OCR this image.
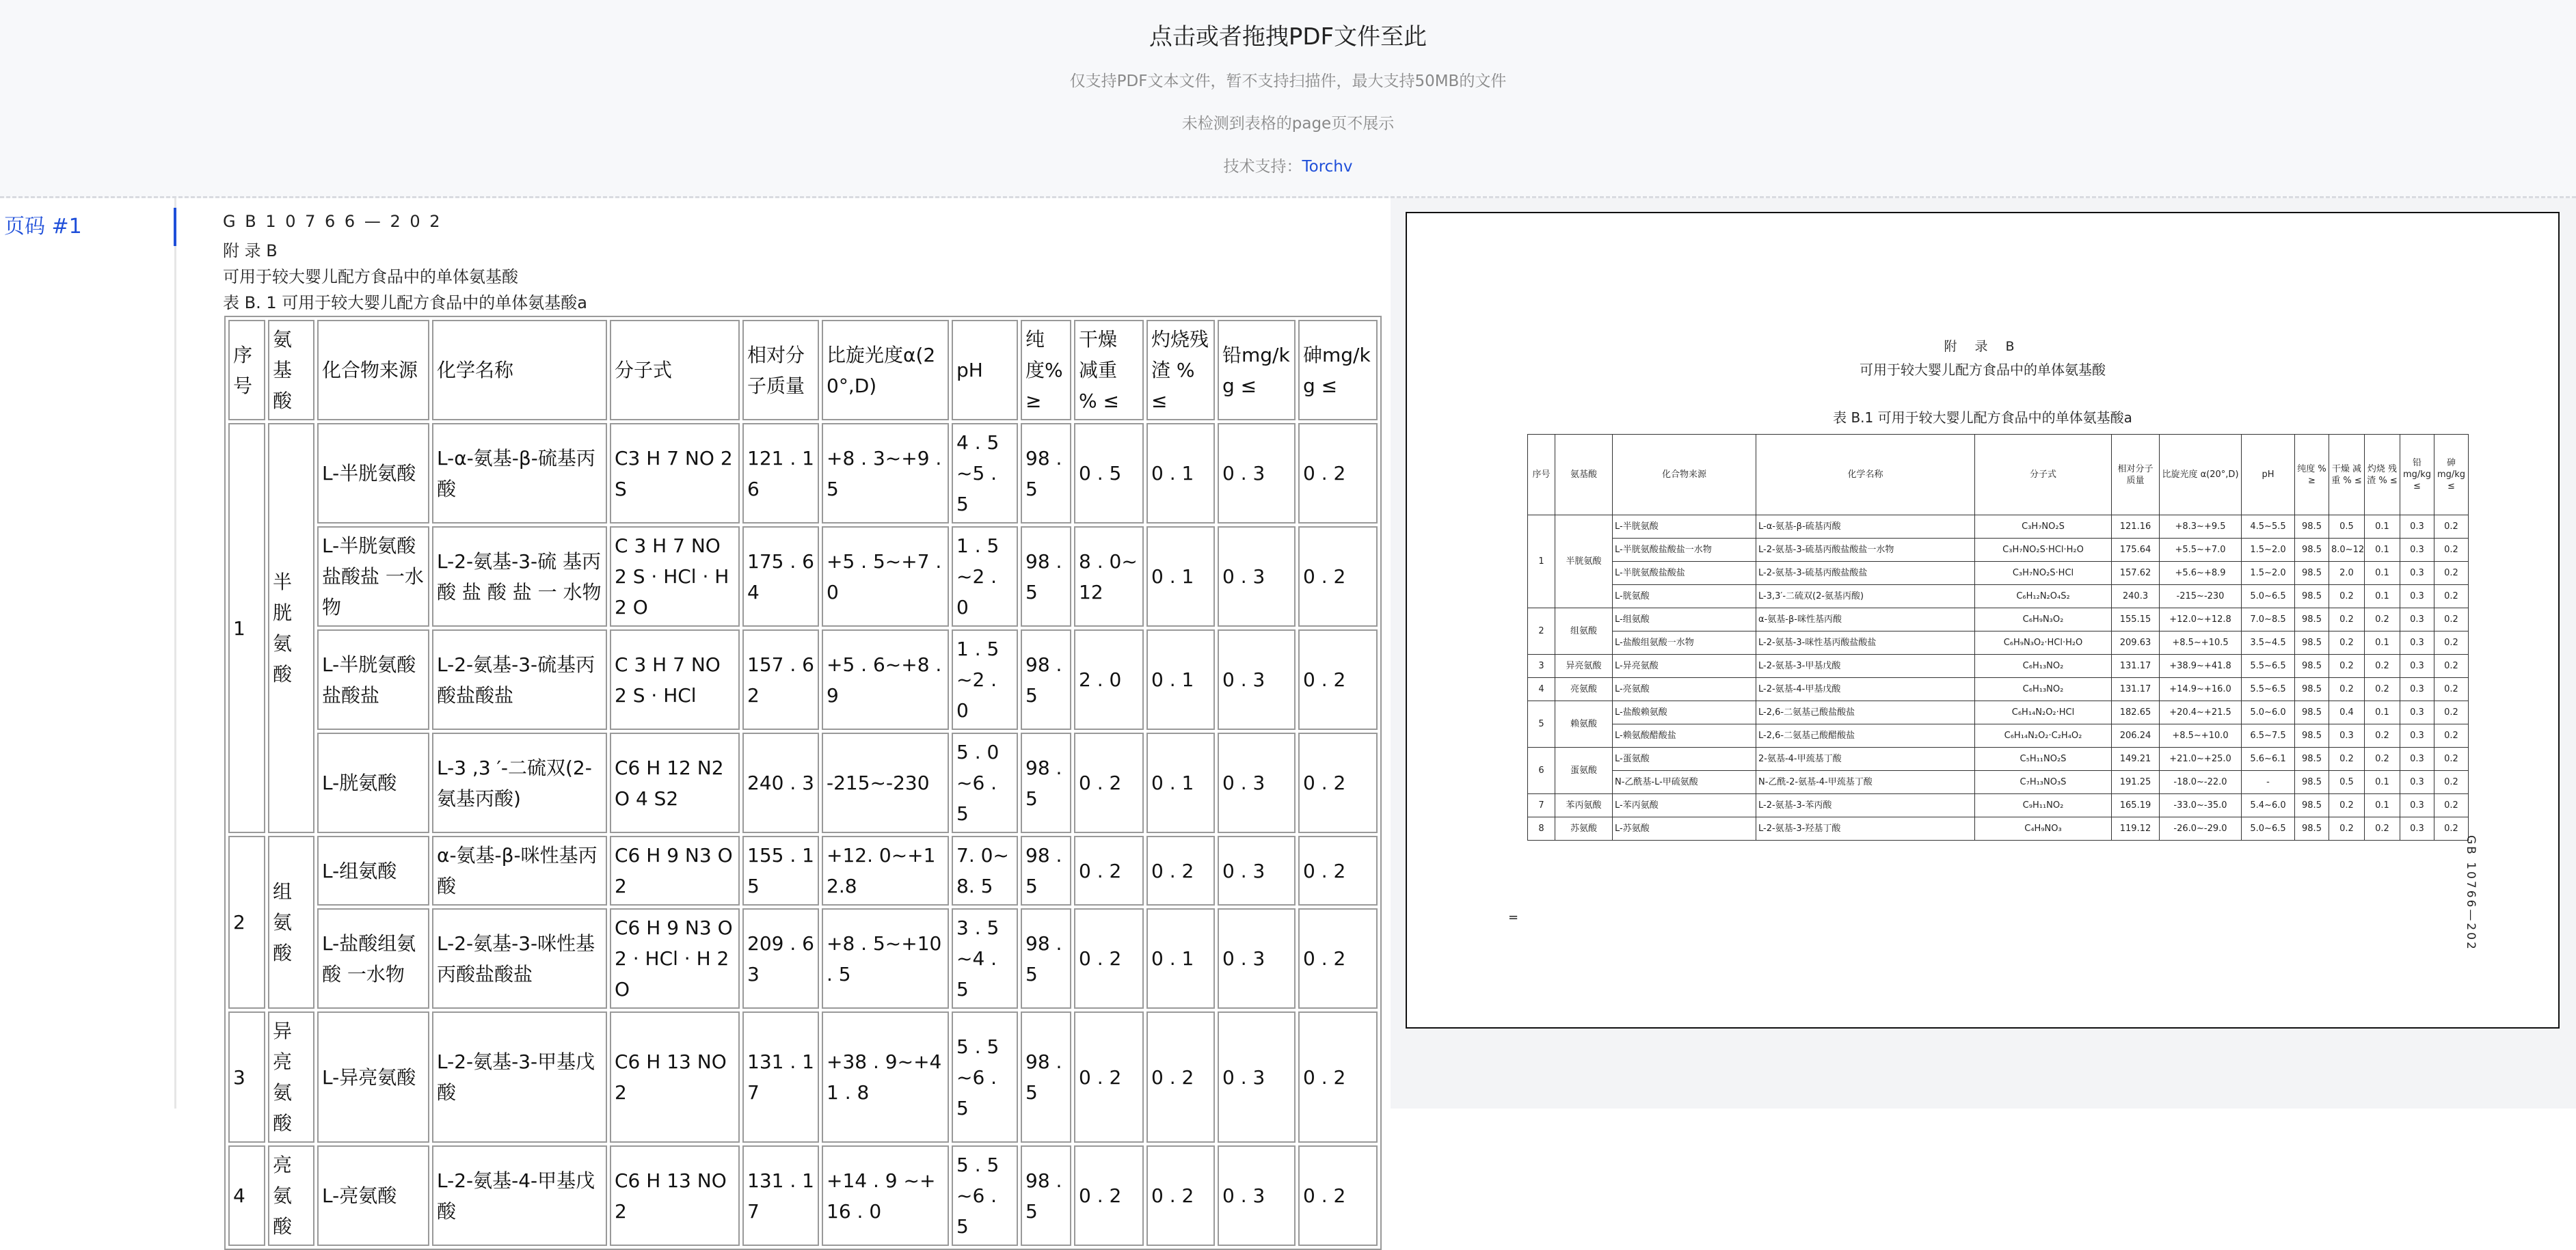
点击或者拖拽PDF文件至此
仅支持PDF文本文件，暂不支持扫描件，最大支持50MB的文件
未检测到表格的page页不展示
技术支持：Torchv
页码 #1	G B 1 0 7 6 6 — 2 0 2
附 录 B
可用于较大婴儿配方食品中的单体氨基酸
表 B. 1 可用于较大婴儿配方食品中的单体氨基酸a
序号	氨基酸	化合物来源	化学名称	分子式	相对分子质量	比旋光度α(20°,D)	pH	纯度% ≥	干燥 减重 % ≤	灼烧残渣 % ≤	铅mg/kg ≤	砷mg/kg ≤
1	半胱氨酸	L-半胱氨酸	L-α-氨基-β-硫基丙酸	C3 H 7 NO 2 S	121 . 16	+8 . 3~+9 . 5	4 . 5~5 . 5	98 . 5	0 . 5	0 . 1	0 . 3	0 . 2
		L-半胱氨酸盐酸盐 一水物	L-2-氨基-3-硫 基丙 酸 盐 酸 盐 一 水物	C 3 H 7 NO 2 S · HCl · H 2 O	175 . 64	+5 . 5~+7 . 0	1 . 5~2 . 0	98 . 5	8 . 0~12	0 . 1	0 . 3	0 . 2
		L-半胱氨酸盐酸盐	L-2-氨基-3-硫基丙酸盐酸盐	C 3 H 7 NO 2 S · HCl	157 . 62	+5 . 6~+8 . 9	1 . 5~2 . 0	98 . 5	2 . 0	0 . 1	0 . 3	0 . 2
		L-胱氨酸	L-3 ,3 ′-二硫双(2-氨基丙酸)	C6 H 12 N2 O 4 S2	240 . 3	-215~-230	5 . 0~6 . 5	98 . 5	0 . 2	0 . 1	0 . 3	0 . 2
2	组氨酸	L-组氨酸	α-氨基-β-咪性基丙酸	C6 H 9 N3 O 2	155 . 15	+12. 0~+12.8	7. 0~8. 5	98 . 5	0 . 2	0 . 2	0 . 3	0 . 2
		L-盐酸组氨酸 一水物	L-2-氨基-3-咪性基丙酸盐酸盐	C6 H 9 N3 O 2 · HCl · H 2 O	209 . 63	+8 . 5~+10 . 5	3 . 5~4 . 5	98 . 5	0 . 2	0 . 1	0 . 3	0 . 2
3	异亮氨酸	L-异亮氨酸	L-2-氨基-3-甲基戊酸	C6 H 13 NO 2	131 . 17	+38 . 9~+41 . 8	5 . 5~6 . 5	98 . 5	0 . 2	0 . 2	0 . 3	0 . 2
4	亮氨酸	L-亮氨酸	L-2-氨基-4-甲基戊酸	C6 H 13 NO 2	131 . 17	+14 . 9 ~+16 . 0	5 . 5~6 . 5	98 . 5	0 . 2	0 . 2	0 . 3	0 . 2
附 录 B
可用于较大婴儿配方食品中的单体氨基酸
表 B.1 可用于较大婴儿配方食品中的单体氨基酸a
序号	氨基酸	化合物来源	化学名称	分子式	相对分子质量	比旋光度 α(20°,D)	pH	纯度 % ≥	干燥 减重 % ≤	灼烧 残渣 % ≤	铅 mg/kg ≤	砷 mg/kg ≤
1	半胱氨酸	L-半胱氨酸	L-α-氨基-β-硫基丙酸	C₃H₇NO₂S	121.16	+8.3~+9.5	4.5~5.5	98.5	0.5	0.1	0.3	0.2
		L-半胱氨酸盐酸盐一水物	L-2-氨基-3-硫基丙酸盐酸盐一水物	C₃H₇NO₂S·HCl·H₂O	175.64	+5.5~+7.0	1.5~2.0	98.5	8.0~12	0.1	0.3	0.2
		L-半胱氨酸盐酸盐	L-2-氨基-3-硫基丙酸盐酸盐	C₃H₇NO₂S·HCl	157.62	+5.6~+8.9	1.5~2.0	98.5	2.0	0.1	0.3	0.2
		L-胱氨酸	L-3,3′-二硫双(2-氨基丙酸)	C₆H₁₂N₂O₄S₂	240.3	-215~-230	5.0~6.5	98.5	0.2	0.1	0.3	0.2
2	组氨酸	L-组氨酸	α-氨基-β-咪性基丙酸	C₆H₉N₃O₂	155.15	+12.0~+12.8	7.0~8.5	98.5	0.2	0.2	0.3	0.2
		L-盐酸组氨酸一水物	L-2-氨基-3-咪性基丙酸盐酸盐	C₆H₉N₃O₂·HCl·H₂O	209.63	+8.5~+10.5	3.5~4.5	98.5	0.2	0.1	0.3	0.2
3	异亮氨酸	L-异亮氨酸	L-2-氨基-3-甲基戊酸	C₆H₁₃NO₂	131.17	+38.9~+41.8	5.5~6.5	98.5	0.2	0.2	0.3	0.2
4	亮氨酸	L-亮氨酸	L-2-氨基-4-甲基戊酸	C₆H₁₃NO₂	131.17	+14.9~+16.0	5.5~6.5	98.5	0.2	0.2	0.3	0.2
5	赖氨酸	L-盐酸赖氨酸	L-2,6-二氨基己酸盐酸盐	C₆H₁₄N₂O₂·HCl	182.65	+20.4~+21.5	5.0~6.0	98.5	0.4	0.1	0.3	0.2
		L-赖氨酸醋酸盐	L-2,6-二氨基己酸醋酸盐	C₆H₁₄N₂O₂·C₂H₄O₂	206.24	+8.5~+10.0	6.5~7.5	98.5	0.3	0.2	0.3	0.2
6	蛋氨酸	L-蛋氨酸	2-氨基-4-甲巯基丁酸	C₅H₁₁NO₂S	149.21	+21.0~+25.0	5.6~6.1	98.5	0.2	0.2	0.3	0.2
		N-乙酰基-L-甲硫氨酸	N-乙酰-2-氨基-4-甲巯基丁酸	C₇H₁₃NO₃S	191.25	-18.0~-22.0	-	98.5	0.5	0.1	0.3	0.2
7	苯丙氨酸	L-苯丙氨酸	L-2-氨基-3-苯丙酸	C₉H₁₁NO₂	165.19	-33.0~-35.0	5.4~6.0	98.5	0.2	0.1	0.3	0.2
8	苏氨酸	L-苏氨酸	L-2-氨基-3-羟基丁酸	C₄H₉NO₃	119.12	-26.0~-29.0	5.0~6.5	98.5	0.2	0.2	0.3	0.2
=	GB 10766—202
